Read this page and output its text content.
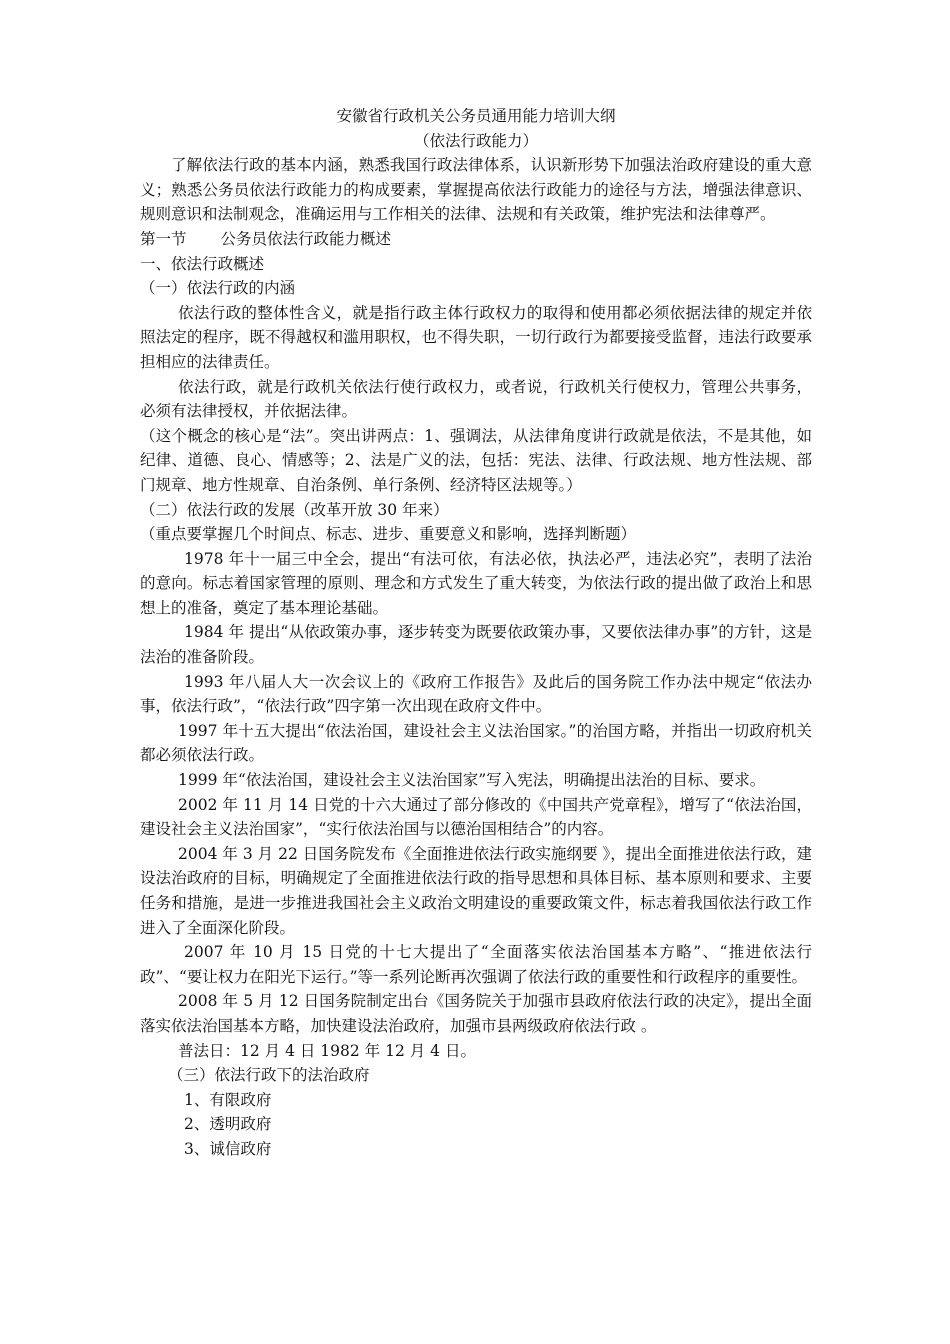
安徽省行政机关公务员通用能力培训大纲
（依法行政能力）

了解依法行政的基本内涵，熟悉我国行政法律体系，认识新形势下加强法治政府建设的重大意义；熟悉公务员依法行政能力的构成要素，掌握提高依法行政能力的途径与方法，增强法律意识、规则意识和法制观念，准确运用与工作相关的法律、法规和有关政策，维护宪法和法律尊严。

第一节 公务员依法行政能力概述
一、依法行政概述
（一）依法行政的内涵

依法行政的整体性含义，就是指行政主体行政权力的取得和使用都必须依据法律的规定并依照法定的程序，既不得越权和滥用职权，也不得失职，一切行政行为都要接受监督，违法行政要承担相应的法律责任。

依法行政，就是行政机关依法行使行政权力，或者说，行政机关行使权力，管理公共事务，必须有法律授权，并依据法律。

（这个概念的核心是“法”。突出讲两点：1、强调法，从法律角度讲行政就是依法，不是其他，如纪律、道德、良心、情感等；2、法是广义的法，包括：宪法、法律、行政法规、地方性法规、部门规章、地方性规章、自治条例、单行条例、经济特区法规等。）

（二）依法行政的发展（改革开放 30 年来）
（重点要掌握几个时间点、标志、进步、重要意义和影响，选择判断题）

1978 年十一届三中全会，提出“有法可依，有法必依，执法必严，违法必究”，表明了法治的意向。标志着国家管理的原则、理念和方式发生了重大转变，为依法行政的提出做了政治上和思想上的准备，奠定了基本理论基础。

1984 年 提出“从依政策办事，逐步转变为既要依政策办事，又要依法律办事”的方针，这是法治的准备阶段。

1993 年八届人大一次会议上的《政府工作报告》及此后的国务院工作办法中规定“依法办事，依法行政”，“依法行政”四字第一次出现在政府文件中。

1997 年十五大提出“依法治国，建设社会主义法治国家。”的治国方略，并指出一切政府机关都必须依法行政。

1999 年“依法治国，建设社会主义法治国家”写入宪法，明确提出法治的目标、要求。

2002 年 11 月 14 日党的十六大通过了部分修改的《中国共产党章程》，增写了“依法治国，建设社会主义法治国家”，“实行依法治国与以德治国相结合”的内容。

2004 年 3 月 22 日国务院发布《全面推进依法行政实施纲要 》，提出全面推进依法行政，建设法治政府的目标，明确规定了全面推进依法行政的指导思想和具体目标、基本原则和要求、主要任务和措施，是进一步推进我国社会主义政治文明建设的重要政策文件，标志着我国依法行政工作进入了全面深化阶段。

2007 年 10 月 15 日党的十七大提出了“全面落实依法治国基本方略”、“推进依法行政”、“要让权力在阳光下运行。”等一系列论断再次强调了依法行政的重要性和行政程序的重要性。

2008 年 5 月 12 日国务院制定出台《国务院关于加强市县政府依法行政的决定》，提出全面落实依法治国基本方略，加快建设法治政府，加强市县两级政府依法行政 。

普法日：12 月 4 日 1982 年 12 月 4 日。

（三）依法行政下的法治政府
1、有限政府
2、透明政府
3、诚信政府
